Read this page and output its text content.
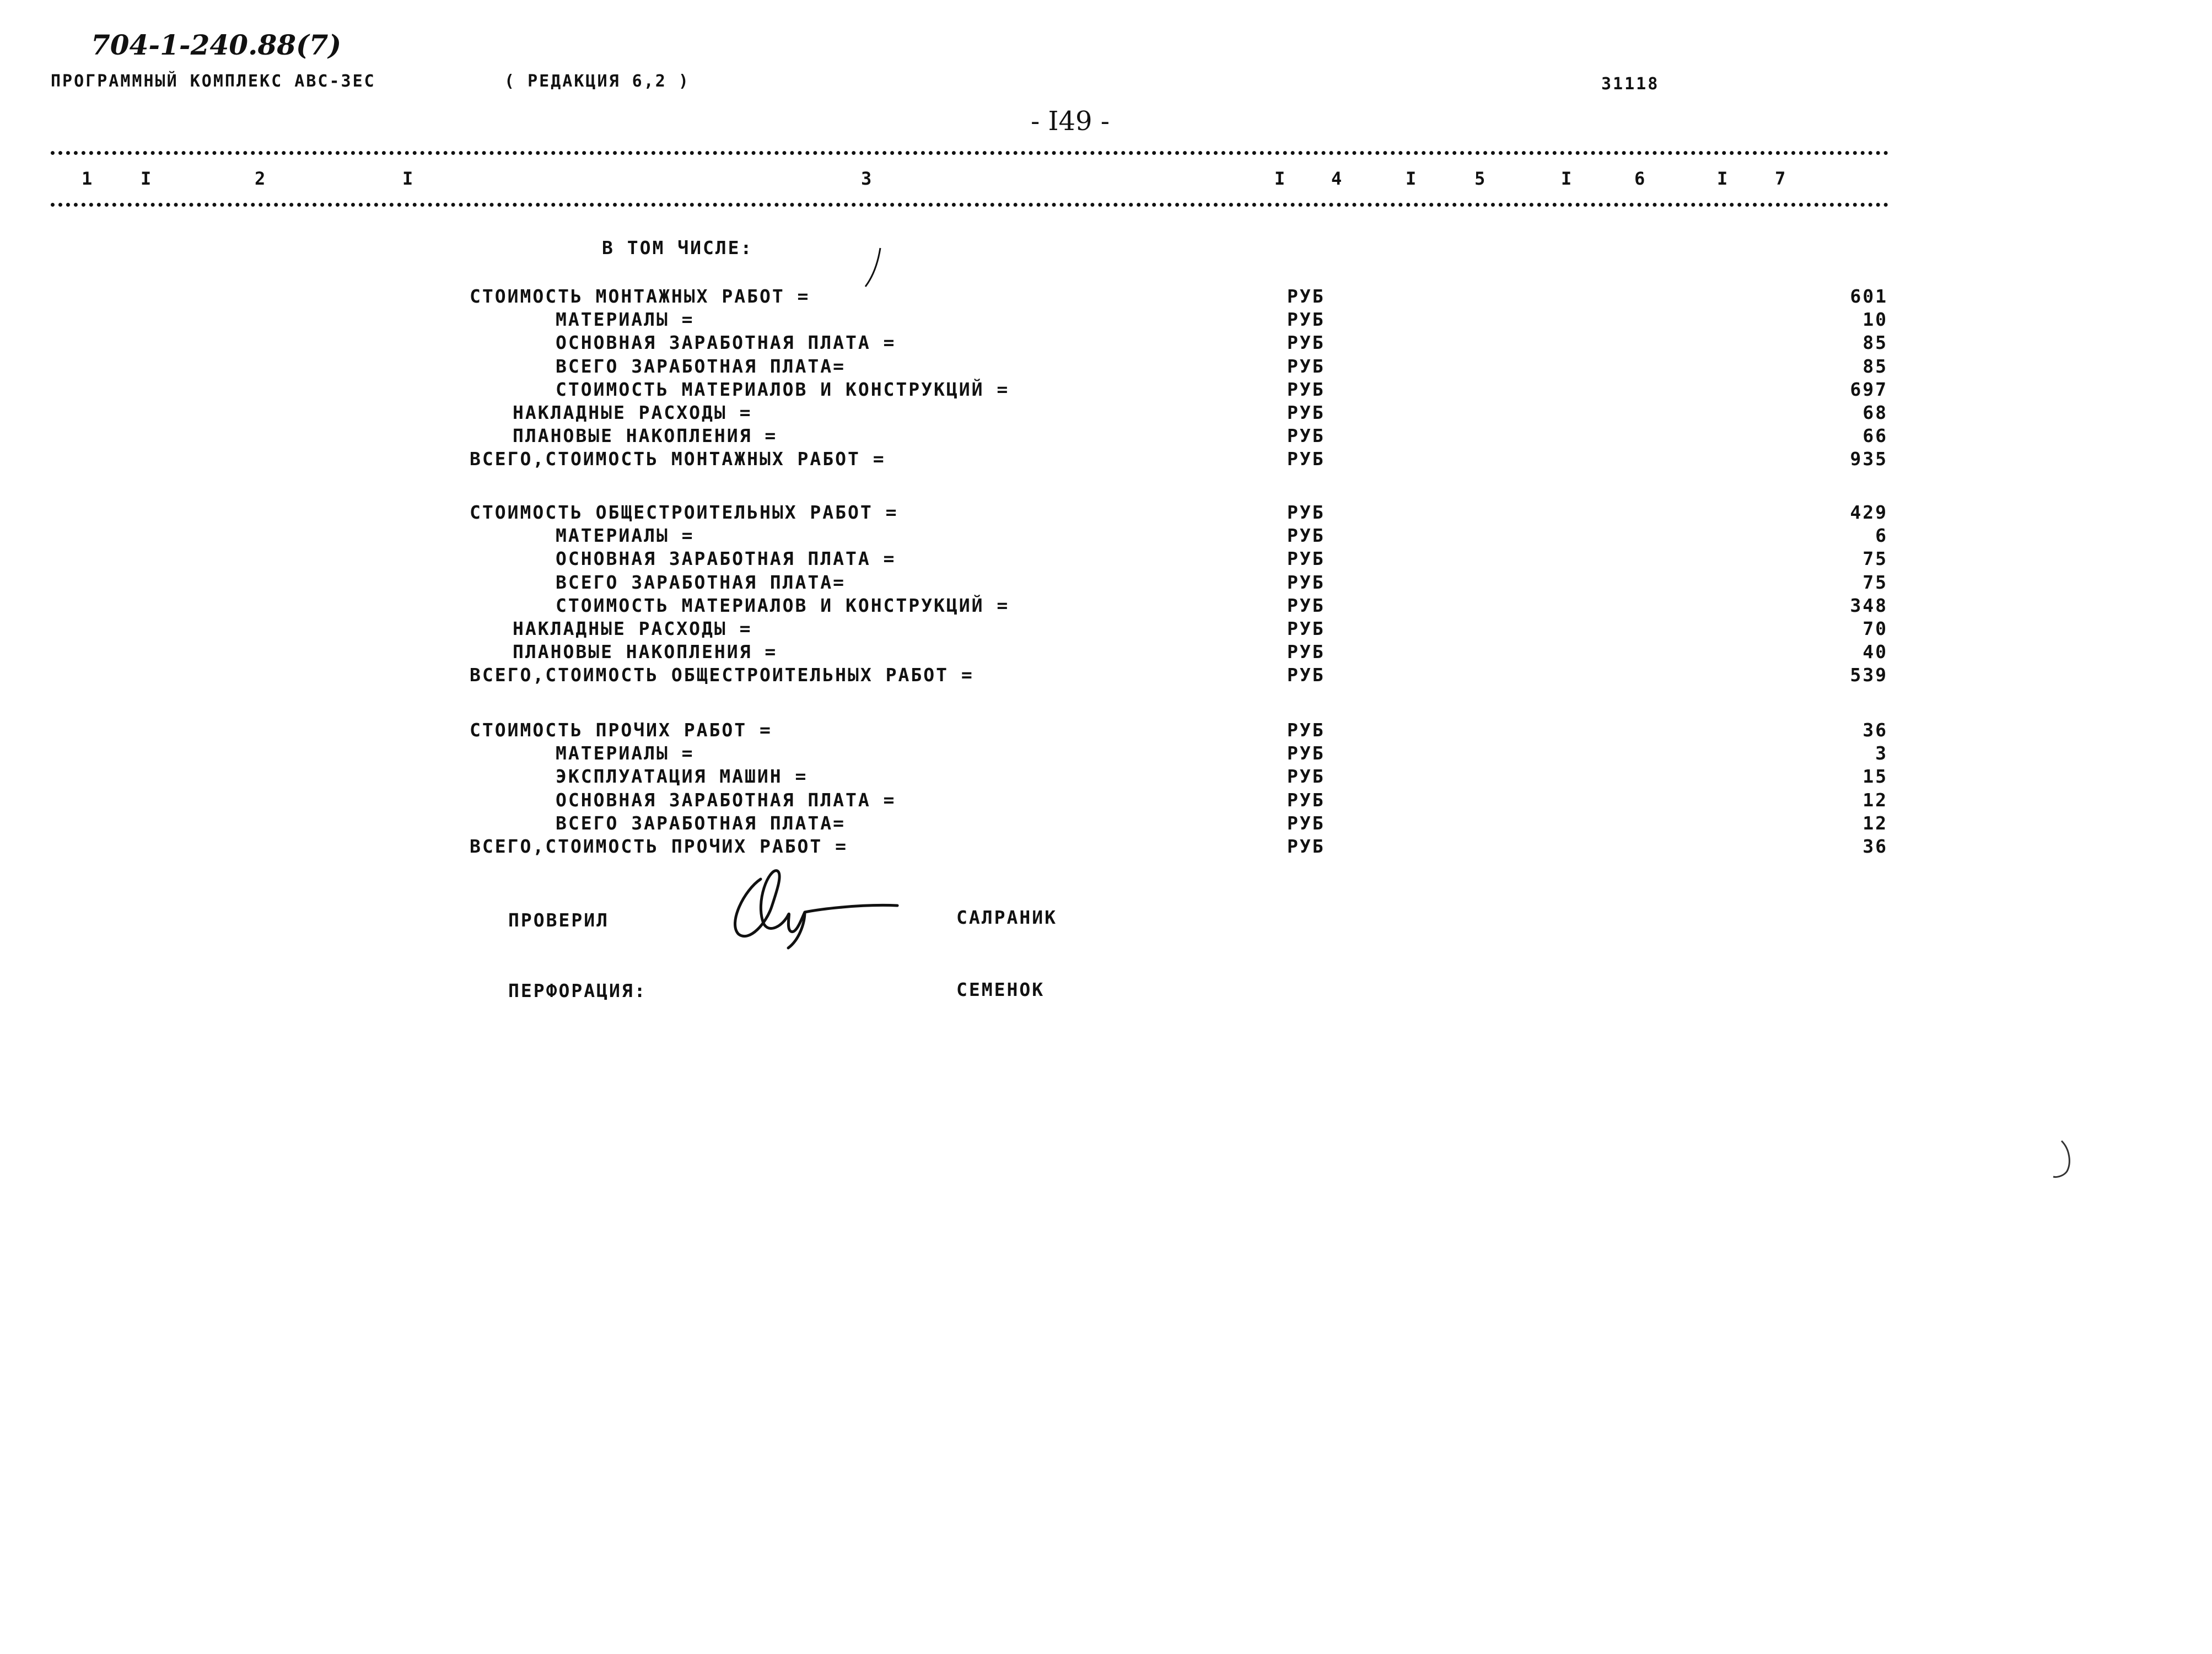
704-1-240.88(7)
ПРОГРАММНЫЙ КОМПЛЕКС АВС-ЗЕС	( РЕДАКЦИЯ 6,2 )	31118
- I49 -
1	I	2	I	3	I	4	I	5	I	6	I	7
В ТОМ ЧИСЛЕ:
СТОИМОСТЬ МОНТАЖНЫХ РАБОТ =	РУБ	601
МАТЕРИАЛЫ =	РУБ	10
ОСНОВНАЯ ЗАРАБОТНАЯ ПЛАТА =	РУБ	85
ВСЕГО ЗАРАБОТНАЯ ПЛАТА=	РУБ	85
СТОИМОСТЬ МАТЕРИАЛОВ И КОНСТРУКЦИЙ =	РУБ	697
НАКЛАДНЫЕ РАСХОДЫ =	РУБ	68
ПЛАНОВЫЕ НАКОПЛЕНИЯ =	РУБ	66
ВСЕГО,СТОИМОСТЬ МОНТАЖНЫХ РАБОТ =	РУБ	935
СТОИМОСТЬ ОБЩЕСТРОИТЕЛЬНЫХ РАБОТ =	РУБ	429
МАТЕРИАЛЫ =	РУБ	6
ОСНОВНАЯ ЗАРАБОТНАЯ ПЛАТА =	РУБ	75
ВСЕГО ЗАРАБОТНАЯ ПЛАТА=	РУБ	75
СТОИМОСТЬ МАТЕРИАЛОВ И КОНСТРУКЦИЙ =	РУБ	348
НАКЛАДНЫЕ РАСХОДЫ =	РУБ	70
ПЛАНОВЫЕ НАКОПЛЕНИЯ =	РУБ	40
ВСЕГО,СТОИМОСТЬ ОБЩЕСТРОИТЕЛЬНЫХ РАБОТ =	РУБ	539
СТОИМОСТЬ ПРОЧИХ РАБОТ =	РУБ	36
МАТЕРИАЛЫ =	РУБ	3
ЭКСПЛУАТАЦИЯ МАШИН =	РУБ	15
ОСНОВНАЯ ЗАРАБОТНАЯ ПЛАТА =	РУБ	12
ВСЕГО ЗАРАБОТНАЯ ПЛАТА=	РУБ	12
ВСЕГО,СТОИМОСТЬ ПРОЧИХ РАБОТ =	РУБ	36
ПРОВЕРИЛ	САЛРАНИК
ПЕРФОРАЦИЯ:	СЕМЕНОК
